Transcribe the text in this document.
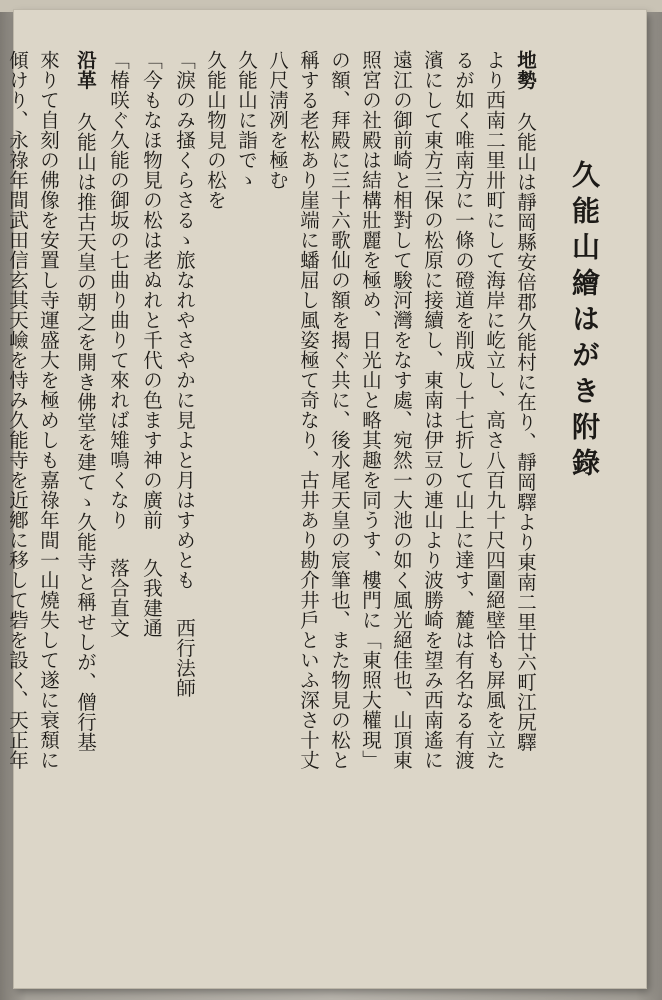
久能山繪はがき附錄

地勢久能山は靜岡縣安倍郡久能村に在り、靜岡驛より東南二里廿六町江尻驛

より西南二里卅町にして海岸に屹立し、高さ八百九十尺四圍絕壁恰も屏風を立た

るが如く唯南方に一條の磴道を削成し十七折して山上に達す、麓は有名なる有渡

濱にして東方三保の松原に接續し、東南は伊豆の連山より波勝崎を望み西南遙に

遠江の御前崎と相對して駿河灣をなす處、宛然一大池の如く風光絕佳也、山頂東

照宮の社殿は結構壯麗を極め、日光山と略其趣を同うす、樓門に「東照大權現」

の額、拜殿に三十六歌仙の額を揭ぐ共に、後水尾天皇の宸筆也、また物見の松と

稱する老松あり崖端に蟠屈し風姿極て奇なり、古井あり勘介井戶といふ深さ十丈

八尺淸冽を極む

久能山に詣でゝ

久能山物見の松を

「淚のみ搔くらさるゝ旅なれやさやかに見よと月はすめとも西行法師

「今もなほ物見の松は老ぬれと千代の色ます神の廣前久我建通

「椿咲ぐ久能の御坂の七曲り曲りて來れば雉鳴くなり落合直文

沿革久能山は推古天皇の朝之を開き佛堂を建てゝ久能寺と稱せしが、僧行基

來りて自刻の佛像を安置し寺運盛大を極めしも嘉祿年間一山燒失して遂に衰頹に

傾けり、永祿年間武田信玄其天嶮を恃み久能寺を近鄕に移して砦を設く、天正年
